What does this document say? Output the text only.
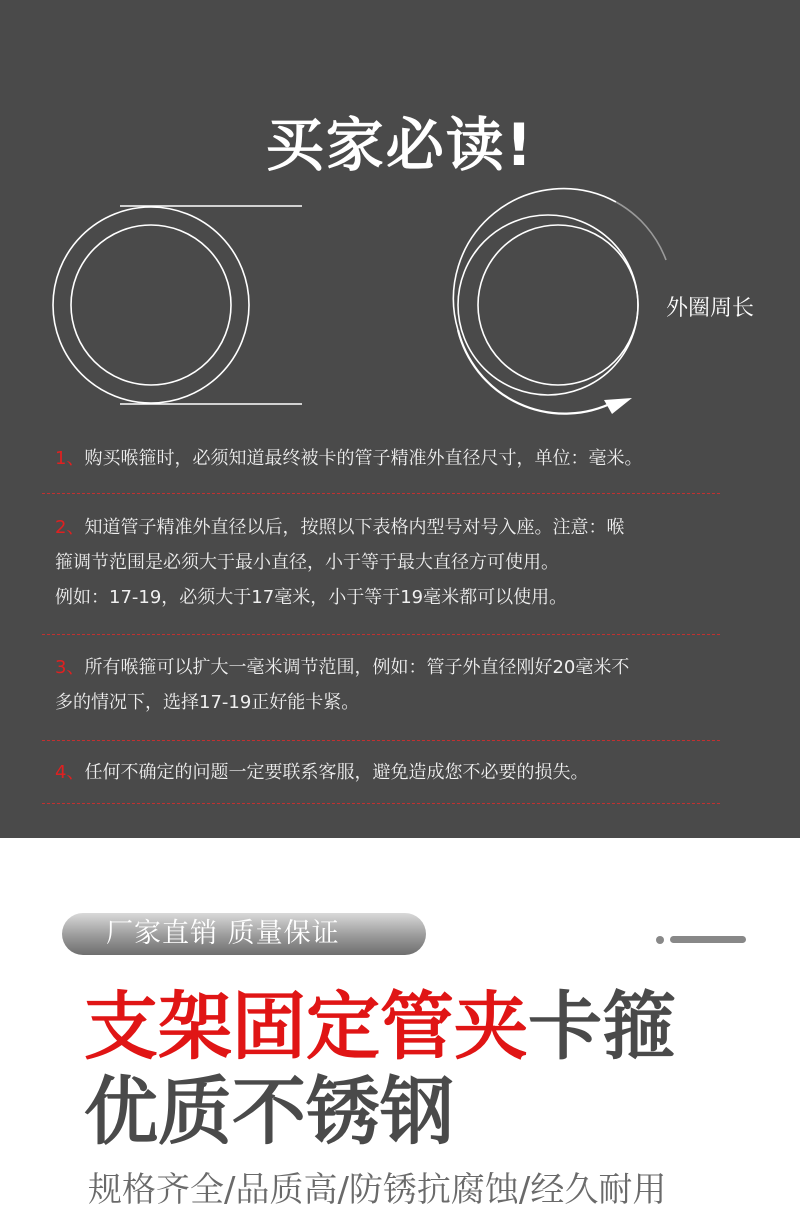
买家必读!
外圈周长
1、购买喉箍时，必须知道最终被卡的管子精准外直径尺寸，单位：毫米。
2、知道管子精准外直径以后，按照以下表格内型号对号入座。注意：喉
箍调节范围是必须大于最小直径，小于等于最大直径方可使用。
例如：17-19，必须大于17毫米，小于等于19毫米都可以使用。
3、所有喉箍可以扩大一毫米调节范围，例如：管子外直径刚好20毫米不
多的情况下，选择17-19正好能卡紧。
4、任何不确定的问题一定要联系客服，避免造成您不必要的损失。
厂家直销 质量保证
支架固定管夹卡箍
优质不锈钢
规格齐全/品质高/防锈抗腐蚀/经久耐用
